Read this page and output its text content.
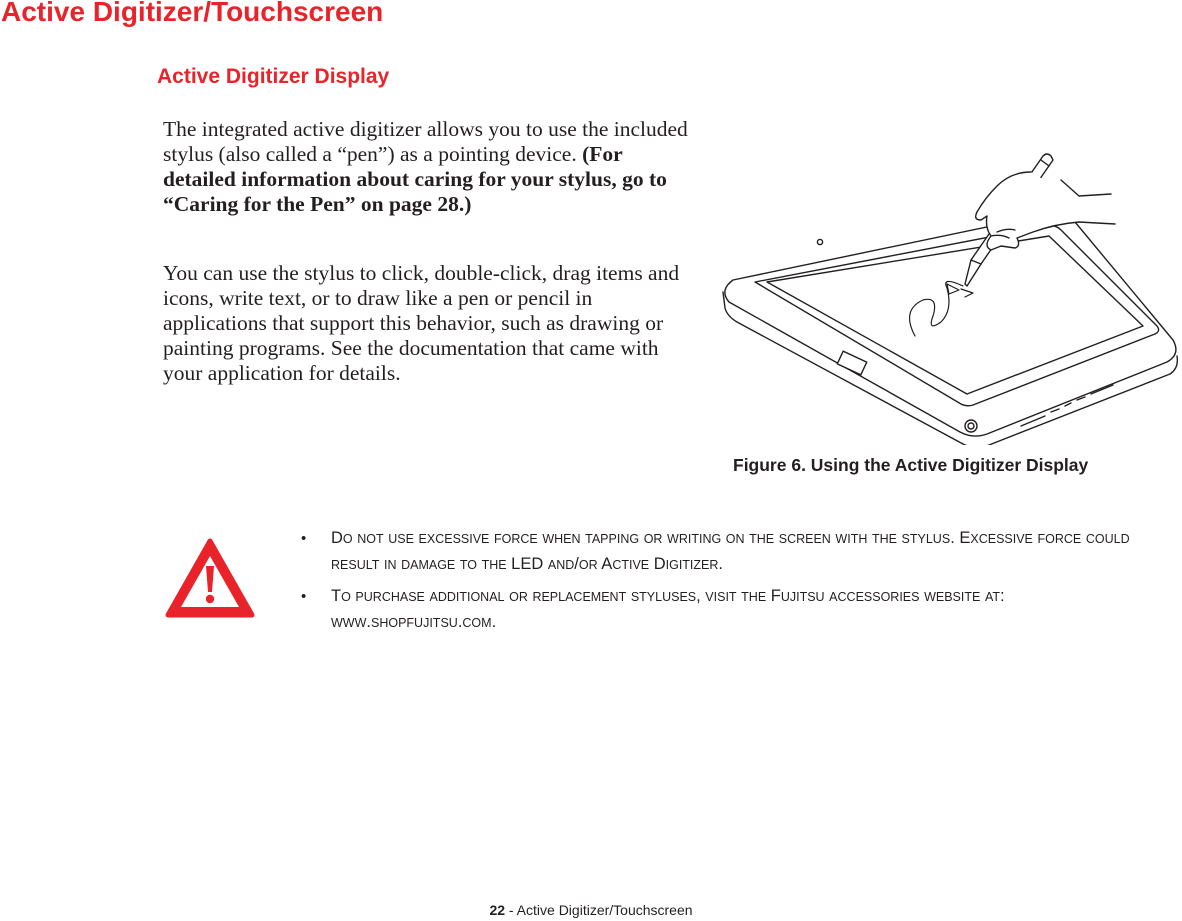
Active Digitizer/Touchscreen
Active Digitizer Display

The integrated active digitizer allows you to use the included stylus (also called a “pen”) as a pointing device. (For detailed information about caring for your stylus, go to “Caring for the Pen” on page 28.)

You can use the stylus to click, double-click, drag items and icons, write text, or to draw like a pen or pencil in applications that support this behavior, such as drawing or painting programs. See the documentation that came with your application for details.

Figure 6. Using the Active Digitizer Display

• DO NOT USE EXCESSIVE FORCE WHEN TAPPING OR WRITING ON THE SCREEN WITH THE STYLUS. EXCESSIVE FORCE COULD RESULT IN DAMAGE TO THE LED AND/OR ACTIVE DIGITIZER.
• TO PURCHASE ADDITIONAL OR REPLACEMENT STYLUSES, VISIT THE FUJITSU ACCESSORIES WEBSITE AT: WWW.SHOPFUJITSU.COM.
22 - Active Digitizer/Touchscreen
